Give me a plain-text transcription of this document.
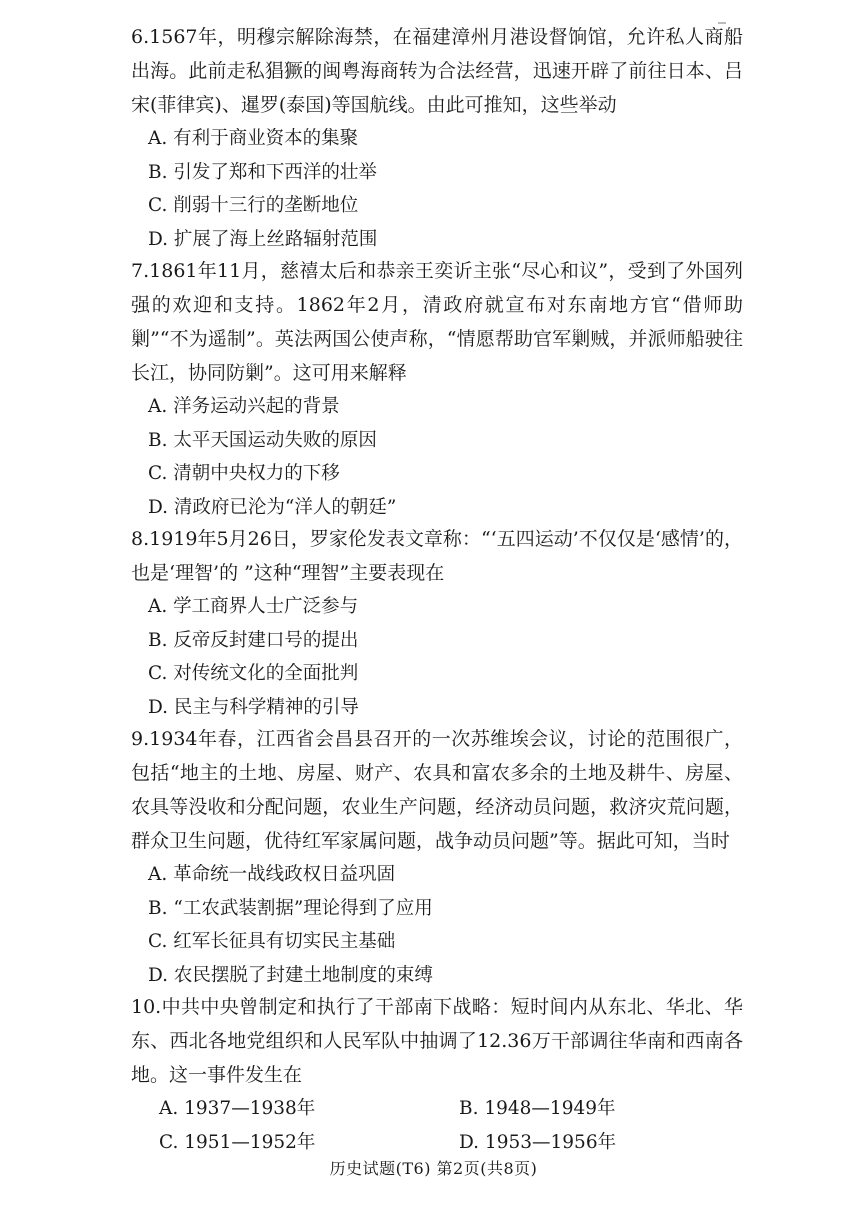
6.1567年，明穆宗解除海禁，在福建漳州月港设督饷馆，允许私人商船出海。此前走私猖獗的闽粤海商转为合法经营，迅速开辟了前往日本、吕宋(菲律宾)、暹罗(泰国)等国航线。由此可推知，这些举动

A. 有利于商业资本的集聚
B. 引发了郑和下西洋的壮举
C. 削弱十三行的垄断地位
D. 扩展了海上丝路辐射范围

7.1861年11月，慈禧太后和恭亲王奕䜣主张“尽心和议”，受到了外国列强的欢迎和支持。1862年2月，清政府就宣布对东南地方官“借师助剿”“不为遥制”。英法两国公使声称，“情愿帮助官军剿贼，并派师船驶往长江，协同防剿”。这可用来解释

A. 洋务运动兴起的背景
B. 太平天国运动失败的原因
C. 清朝中央权力的下移
D. 清政府已沦为“洋人的朝廷”

8.1919年5月26日，罗家伦发表文章称：“‘五四运动’不仅仅是‘感情’的，也是‘理智’的 ”这种“理智”主要表现在

A. 学工商界人士广泛参与
B. 反帝反封建口号的提出
C. 对传统文化的全面批判
D. 民主与科学精神的引导

9.1934年春，江西省会昌县召开的一次苏维埃会议，讨论的范围很广，包括“地主的土地、房屋、财产、农具和富农多余的土地及耕牛、房屋、农具等没收和分配问题，农业生产问题，经济动员问题，救济灾荒问题，群众卫生问题，优待红军家属问题，战争动员问题”等。据此可知，当时

A. 革命统一战线政权日益巩固
B. “工农武装割据”理论得到了应用
C. 红军长征具有切实民主基础
D. 农民摆脱了封建土地制度的束缚

10.中共中央曾制定和执行了干部南下战略：短时间内从东北、华北、华东、西北各地党组织和人民军队中抽调了12.36万干部调往华南和西南各地。这一事件发生在

A. 1937—1938年	B. 1948—1949年
C. 1951—1952年	D. 1953—1956年
历史试题(T6) 第2页(共8页)
